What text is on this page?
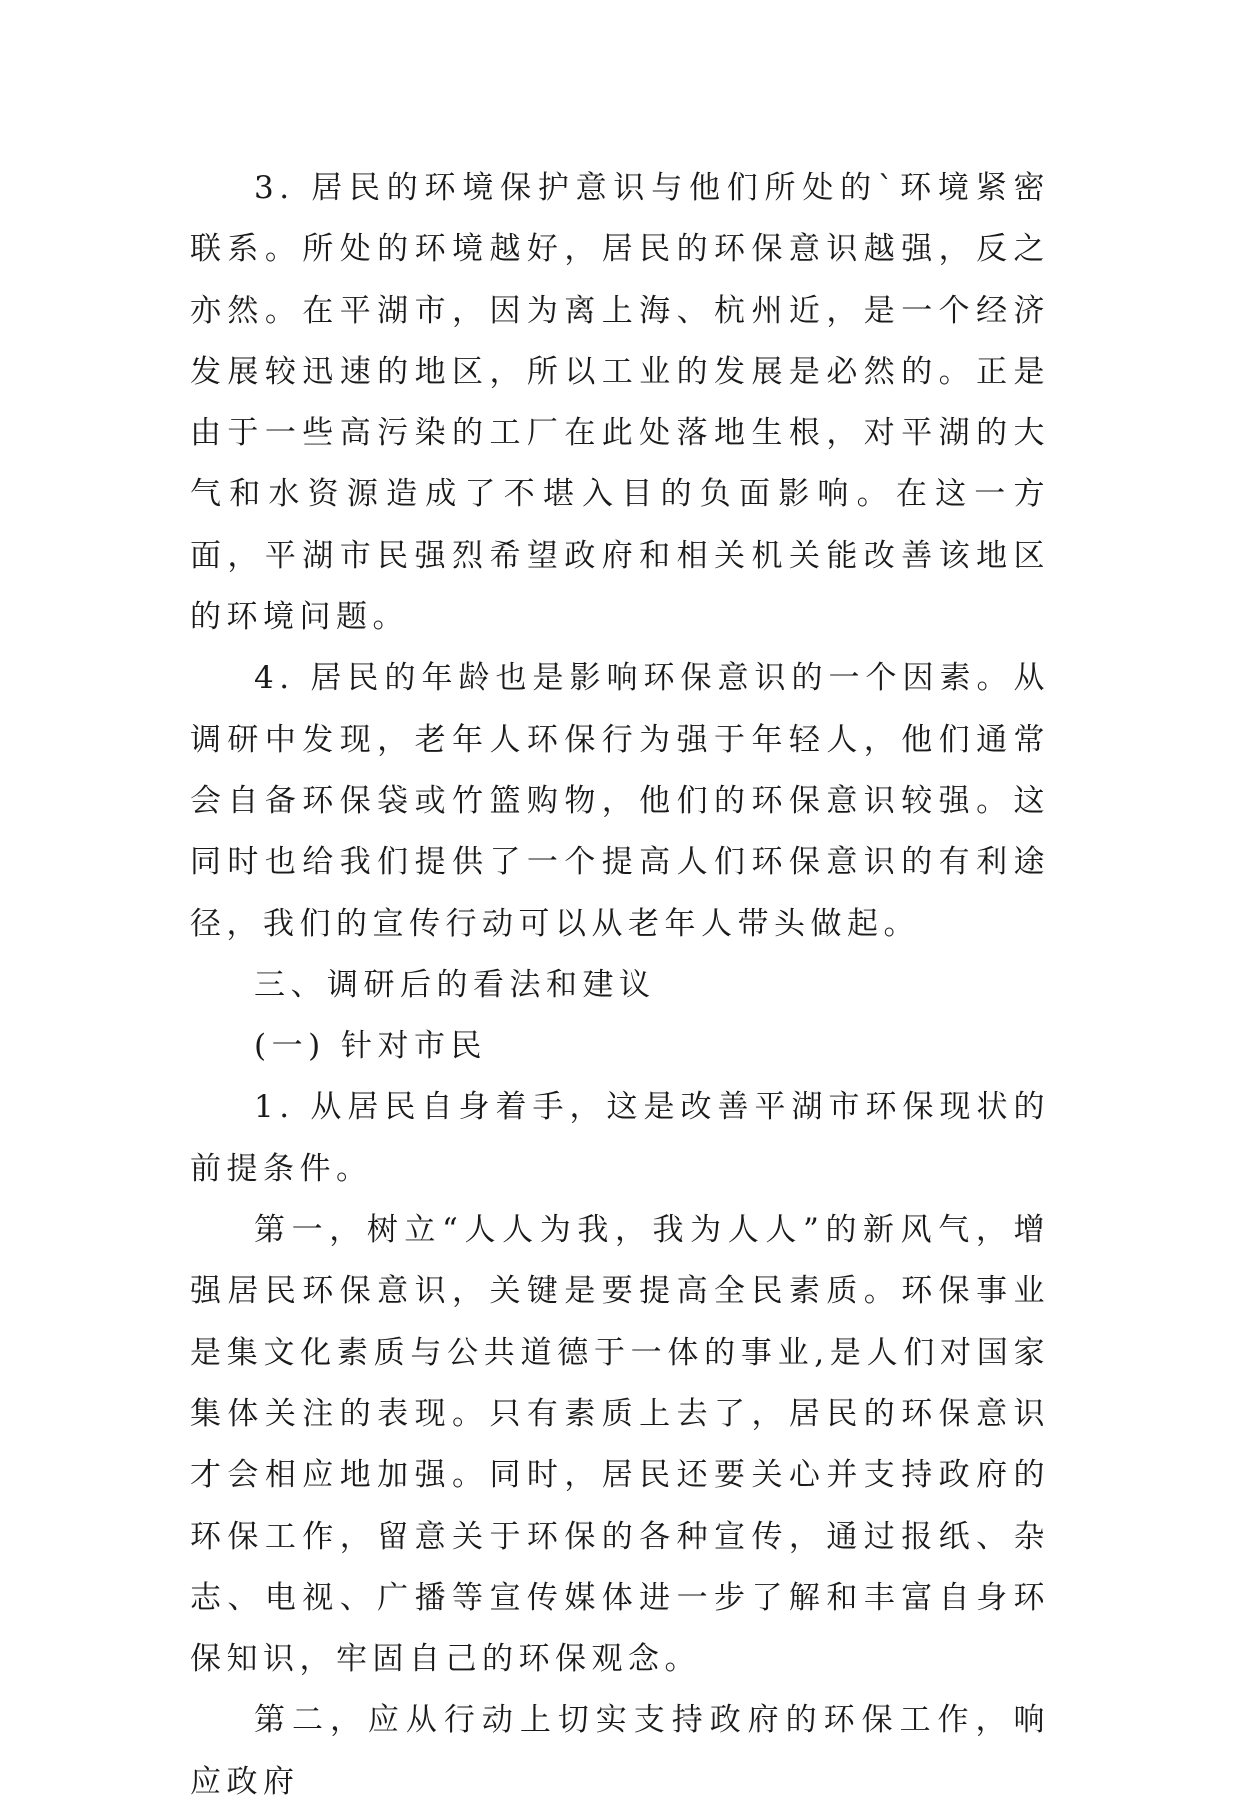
3. 居民的环境保护意识与他们所处的`环境紧密联系。所处的环境越好，居民的环保意识越强，反之亦然。在平湖市，因为离上海、杭州近，是一个经济发展较迅速的地区，所以工业的发展是必然的。正是由于一些高污染的工厂在此处落地生根，对平湖的大气和水资源造成了不堪入目的负面影响。在这一方面，平湖市民强烈希望政府和相关机关能改善该地区的环境问题。

4. 居民的年龄也是影响环保意识的一个因素。从调研中发现，老年人环保行为强于年轻人，他们通常会自备环保袋或竹篮购物，他们的环保意识较强。这同时也给我们提供了一个提高人们环保意识的有利途径，我们的宣传行动可以从老年人带头做起。

三、调研后的看法和建议

(一) 针对市民

1. 从居民自身着手，这是改善平湖市环保现状的前提条件。

第一，树立“人人为我，我为人人”的新风气，增强居民环保意识，关键是要提高全民素质。环保事业是集文化素质与公共道德于一体的事业,是人们对国家集体关注的表现。只有素质上去了，居民的环保意识才会相应地加强。同时，居民还要关心并支持政府的环保工作，留意关于环保的各种宣传，通过报纸、杂志、电视、广播等宣传媒体进一步了解和丰富自身环保知识，牢固自己的环保观念。

第二，应从行动上切实支持政府的环保工作，响应政府
